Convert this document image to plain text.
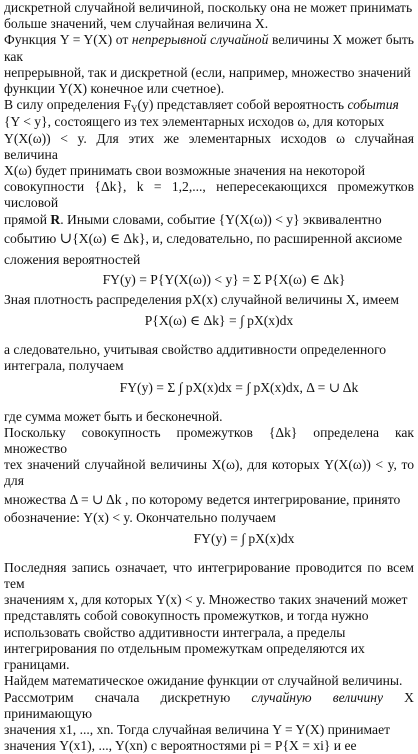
дискретной случайной величиной, поскольку она не может принимать

больше значений, чем случайная величина X.

Функция Y = Y(X) от непрерывной случайной величины X может быть как

непрерывной, так и дискретной (если, например, множество значений

функции Y(X) конечное или счетное).

В силу определения $F_Y(y)$ представляет собой вероятность события

{Y < y}, состоящего из тех элементарных исходов ω, для которых

Y(X(ω)) < y. Для этих же элементарных исходов ω случайная величина

X(ω) будет принимать свои возможные значения на некоторой

совокупности {Δk}, k = 1,2,..., непересекающихся промежутков числовой

прямой R. Иными словами, событие {Y(X(ω)) < y} эквивалентно

событию ∪{X(ω) ∈ Δk}, и, следовательно, по расширенной аксиоме

сложения вероятностей

FY(y) = P{Y(X(ω)) < y} = Σ P{X(ω) ∈ Δk}

Зная плотность распределения pX(x) случайной величины X, имеем

P{X(ω) ∈ Δk} = ∫ pX(x)dx

а следовательно, учитывая свойство аддитивности определенного

интеграла, получаем

FY(y) = Σ ∫ pX(x)dx = ∫ pX(x)dx, Δ = ∪ Δk

где сумма может быть и бесконечной.

Поскольку совокупность промежутков {Δk} определена как множество

тех значений случайной величины X(ω), для которых Y(X(ω)) < y, то для

множества Δ = ∪ Δk , по которому ведется интегрирование, принято

обозначение: Y(x) < y. Окончательно получаем

FY(y) = ∫ pX(x)dx

Последняя запись означает, что интегрирование проводится по всем тем

значениям x, для которых Y(x) < y. Множество таких значений может

представлять собой совокупность промежутков, и тогда нужно

использовать свойство аддитивности интеграла, а пределы

интегрирования по отдельным промежуткам определяются их

границами.

Найдем математическое ожидание функции от случайной величины.

Рассмотрим сначала дискретную случайную величину X принимающую

значения x1, ..., xn. Тогда случайная величина Y = Y(X) принимает

значения Y(x1), ..., Y(xn) с вероятностями pi = P{X = xi} и ее
